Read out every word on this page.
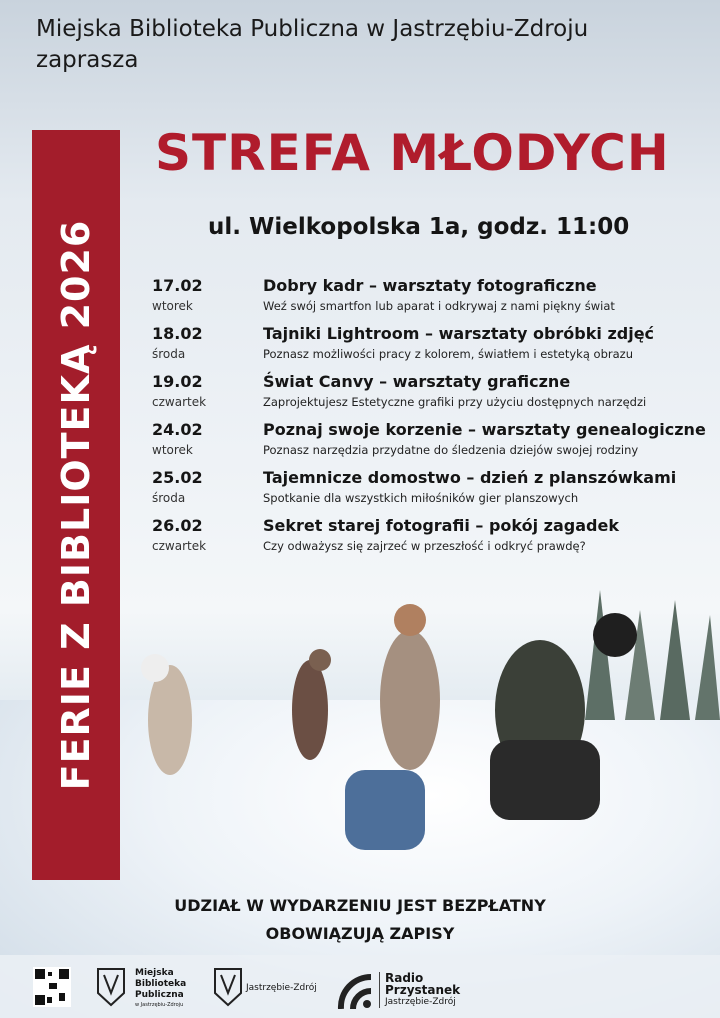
Miejska Biblioteka Publiczna w Jastrzębiu-Zdroju
zaprasza
FERIE Z BIBLIOTEKĄ 2026
STREFA MŁODYCH
ul. Wielkopolska 1a, godz. 11:00
17.02
wtorek
Dobry kadr – warsztaty fotograficzne
Weź swój smartfon lub aparat i odkrywaj z nami piękny świat
18.02
środa
Tajniki Lightroom – warsztaty obróbki zdjęć
Poznasz możliwości pracy z kolorem, światłem i estetyką obrazu
19.02
czwartek
Świat Canvy – warsztaty graficzne
Zaprojektujesz Estetyczne grafiki przy użyciu dostępnych narzędzi
24.02
wtorek
Poznaj swoje korzenie – warsztaty genealogiczne
Poznasz narzędzia przydatne do śledzenia dziejów swojej rodziny
25.02
środa
Tajemnicze domostwo – dzień z planszówkami
Spotkanie dla wszystkich miłośników gier planszowych
26.02
czwartek
Sekret starej fotografii – pokój zagadek
Czy odważysz się zajrzeć w przeszłość i odkryć prawdę?
UDZIAŁ W WYDARZENIU JEST BEZPŁATNY
OBOWIĄZUJĄ ZAPISY
Miejska
Biblioteka
Publiczna
w Jastrzębiu-Zdroju
Jastrzębie-Zdrój
Radio
Przystanek
Jastrzębie-Zdrój
